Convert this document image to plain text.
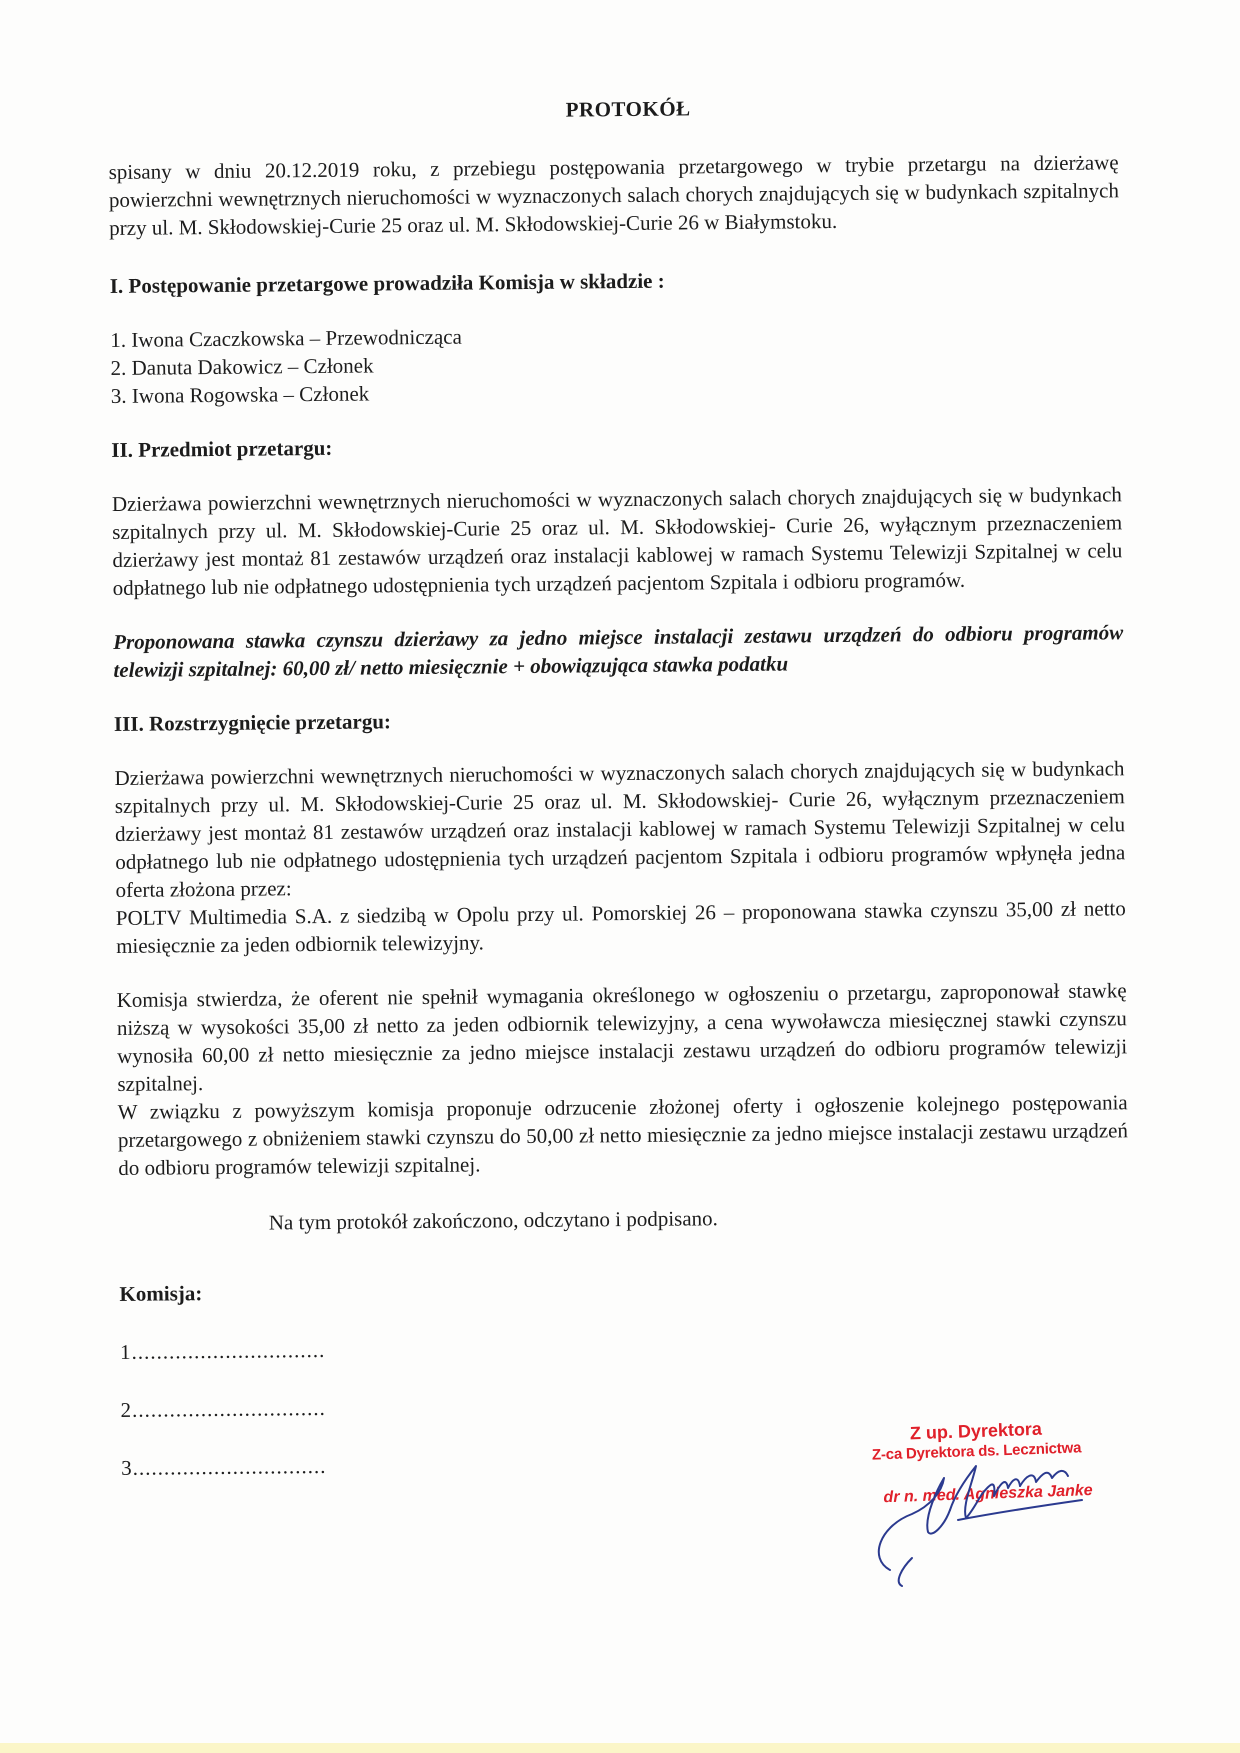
PROTOKÓŁ

spisany w dniu 20.12.2019 roku, z przebiegu postępowania przetargowego w trybie przetargu na dzierżawę powierzchni wewnętrznych nieruchomości w wyznaczonych salach chorych znajdujących się w budynkach szpitalnych przy ul. M. Skłodowskiej-Curie 25 oraz ul. M. Skłodowskiej-Curie 26 w Białymstoku.

I. Postępowanie przetargowe prowadziła Komisja w składzie :

1. Iwona Czaczkowska – Przewodnicząca
2. Danuta Dakowicz – Członek
3. Iwona Rogowska – Członek

II. Przedmiot przetargu:

Dzierżawa powierzchni wewnętrznych nieruchomości w wyznaczonych salach chorych znajdujących się w budynkach szpitalnych przy ul. M. Skłodowskiej-Curie 25 oraz ul. M. Skłodowskiej- Curie 26, wyłącznym przeznaczeniem dzierżawy jest montaż 81 zestawów urządzeń oraz instalacji kablowej w ramach Systemu Telewizji Szpitalnej w celu odpłatnego lub nie odpłatnego udostępnienia tych urządzeń pacjentom Szpitala i odbioru programów.

Proponowana stawka czynszu dzierżawy za jedno miejsce instalacji zestawu urządzeń do odbioru programów telewizji szpitalnej: 60,00 zł/ netto miesięcznie + obowiązująca stawka podatku

III. Rozstrzygnięcie przetargu:

Dzierżawa powierzchni wewnętrznych nieruchomości w wyznaczonych salach chorych znajdujących się w budynkach szpitalnych przy ul. M. Skłodowskiej-Curie 25 oraz ul. M. Skłodowskiej- Curie 26, wyłącznym przeznaczeniem dzierżawy jest montaż 81 zestawów urządzeń oraz instalacji kablowej w ramach Systemu Telewizji Szpitalnej w celu odpłatnego lub nie odpłatnego udostępnienia tych urządzeń pacjentom Szpitala i odbioru programów wpłynęła jedna oferta złożona przez:

POLTV Multimedia S.A. z siedzibą w Opolu przy ul. Pomorskiej 26 – proponowana stawka czynszu 35,00 zł netto miesięcznie za jeden odbiornik telewizyjny.

Komisja stwierdza, że oferent nie spełnił wymagania określonego w ogłoszeniu o przetargu, zaproponował stawkę niższą w wysokości 35,00 zł netto za jeden odbiornik telewizyjny, a cena wywoławcza miesięcznej stawki czynszu wynosiła 60,00 zł netto miesięcznie za jedno miejsce instalacji zestawu urządzeń do odbioru programów telewizji szpitalnej.

W związku z powyższym komisja proponuje odrzucenie złożonej oferty i ogłoszenie kolejnego postępowania przetargowego z obniżeniem stawki czynszu do 50,00 zł netto miesięcznie za jedno miejsce instalacji zestawu urządzeń do odbioru programów telewizji szpitalnej.

Na tym protokół zakończono, odczytano i podpisano.

Komisja:

1...............................

2...............................

3...............................

Z up. Dyrektora
Z-ca Dyrektora ds. Lecznictwa
dr n. med. Agnieszka Janke
